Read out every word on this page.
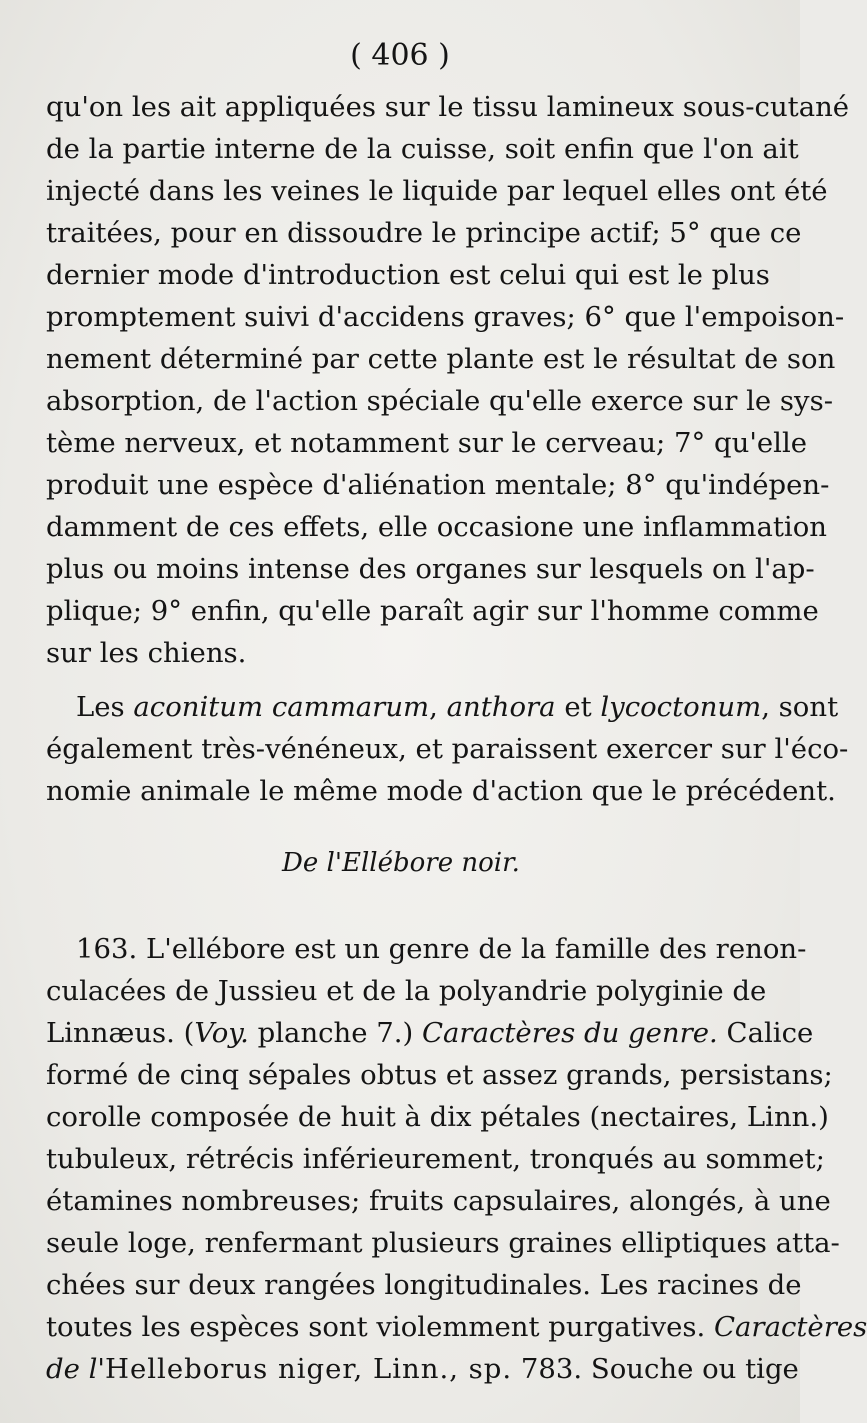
( 406 )
qu'on les ait appliquées sur le tissu lamineux sous-cutané
de la partie interne de la cuisse, soit enfin que l'on ait
injecté dans les veines le liquide par lequel elles ont été
traitées, pour en dissoudre le principe actif; 5° que ce
dernier mode d'introduction est celui qui est le plus
promptement suivi d'accidens graves; 6° que l'empoison-
nement déterminé par cette plante est le résultat de son
absorption, de l'action spéciale qu'elle exerce sur le sys-
tème nerveux, et notamment sur le cerveau; 7° qu'elle
produit une espèce d'aliénation mentale; 8° qu'indépen-
damment de ces effets, elle occasione une inflammation
plus ou moins intense des organes sur lesquels on l'ap-
plique; 9° enfin, qu'elle paraît agir sur l'homme comme
sur les chiens.
Les aconitum cammarum, anthora et lycoctonum, sont
également très-vénéneux, et paraissent exercer sur l'éco-
nomie animale le même mode d'action que le précédent.
De l'Ellébore noir.
163. L'ellébore est un genre de la famille des renon-
culacées de Jussieu et de la polyandrie polyginie de
Linnæus. (Voy. planche 7.) Caractères du genre. Calice
formé de cinq sépales obtus et assez grands, persistans;
corolle composée de huit à dix pétales (nectaires, Linn.)
tubuleux, rétrécis inférieurement, tronqués au sommet;
étamines nombreuses; fruits capsulaires, alongés, à une
seule loge, renfermant plusieurs graines elliptiques atta-
chées sur deux rangées longitudinales. Les racines de
toutes les espèces sont violemment purgatives. Caractères
de l'Helleborus niger, Linn., sp. 783. Souche ou tige
